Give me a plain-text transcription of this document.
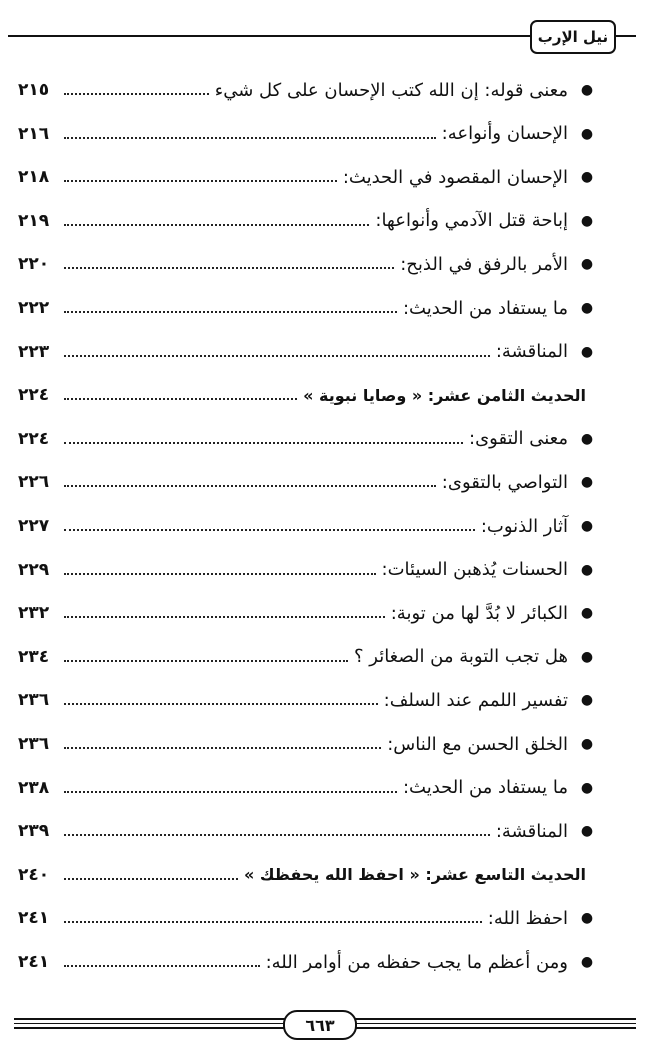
نيل الإرب
●
معنى قوله: إن الله كتب الإحسان على كل شيء
٢١٥
●
الإحسان وأنواعه:
٢١٦
●
الإحسان المقصود في الحديث:
٢١٨
●
إباحة قتل الآدمي وأنواعها:
٢١٩
●
الأمر بالرفق في الذبح:
٢٢٠
●
ما يستفاد من الحديث:
٢٢٢
●
المناقشة:
٢٢٣
الحديث الثامن عشر: « وصايا نبوية »
٢٢٤
●
معنى التقوى:
٢٢٤
●
التواصي بالتقوى:
٢٢٦
●
آثار الذنوب:
٢٢٧
●
الحسنات يُذهبن السيئات:
٢٢٩
●
الكبائر لا بُدَّ لها من توبة:
٢٣٢
●
هل تجب التوبة من الصغائر ؟
٢٣٤
●
تفسير اللمم عند السلف:
٢٣٦
●
الخلق الحسن مع الناس:
٢٣٦
●
ما يستفاد من الحديث:
٢٣٨
●
المناقشة:
٢٣٩
الحديث التاسع عشر: « احفظ الله يحفظك »
٢٤٠
●
احفظ الله:
٢٤١
●
ومن أعظم ما يجب حفظه من أوامر الله:
٢٤١
٦٦٣
